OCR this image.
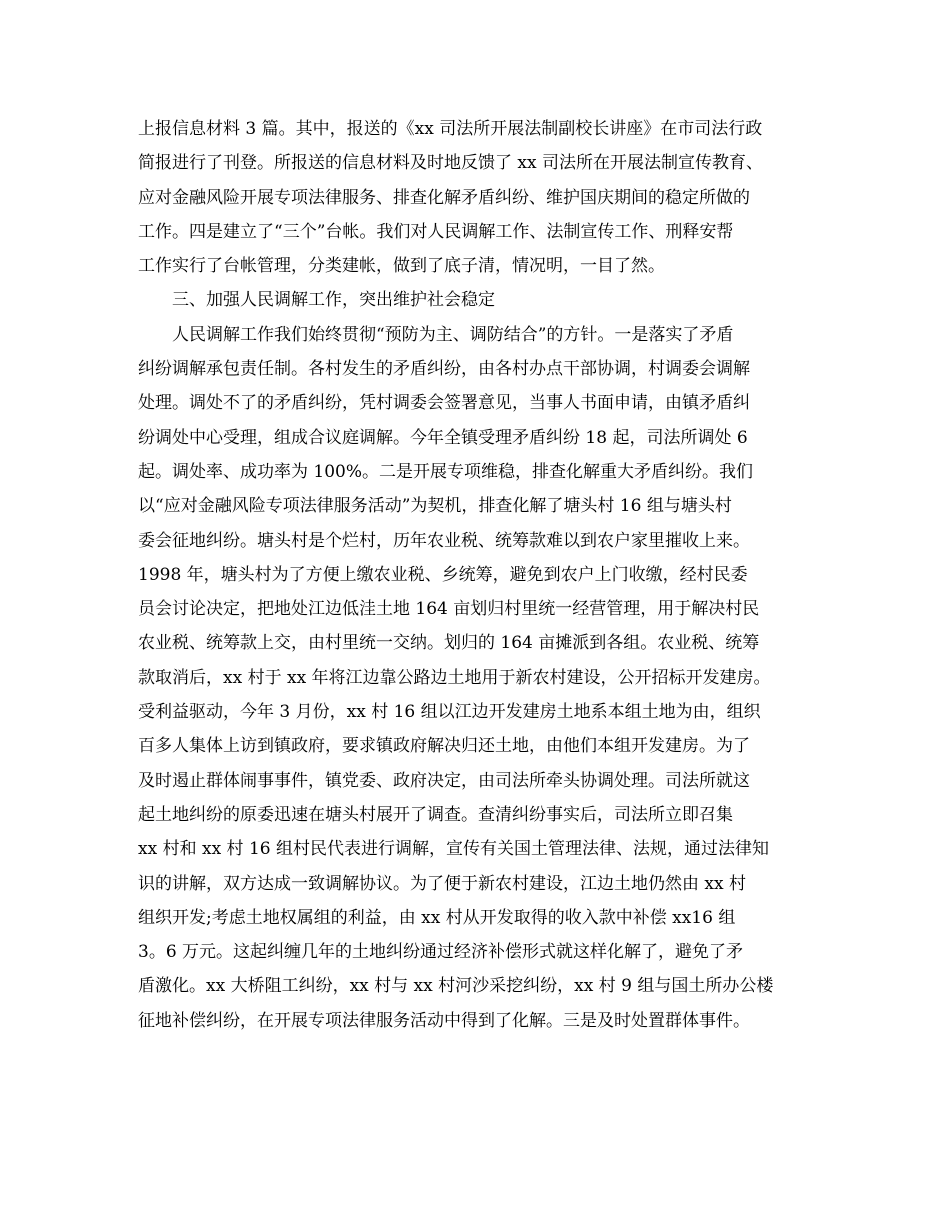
上报信息材料 3 篇。其中，报送的《xx 司法所开展法制副校长讲座》在市司法行政
简报进行了刊登。所报送的信息材料及时地反馈了 xx 司法所在开展法制宣传教育、
应对金融风险开展专项法律服务、排查化解矛盾纠纷、维护国庆期间的稳定所做的
工作。四是建立了“三个”台帐。我们对人民调解工作、法制宣传工作、刑释安帮
工作实行了台帐管理，分类建帐，做到了底子清，情况明，一目了然。
三、加强人民调解工作，突出维护社会稳定
人民调解工作我们始终贯彻“预防为主、调防结合”的方针。一是落实了矛盾
纠纷调解承包责任制。各村发生的矛盾纠纷，由各村办点干部协调，村调委会调解
处理。调处不了的矛盾纠纷，凭村调委会签署意见，当事人书面申请，由镇矛盾纠
纷调处中心受理，组成合议庭调解。今年全镇受理矛盾纠纷 18 起，司法所调处 6
起。调处率、成功率为 100%。二是开展专项维稳，排查化解重大矛盾纠纷。我们
以“应对金融风险专项法律服务活动”为契机，排查化解了塘头村 16 组与塘头村
委会征地纠纷。塘头村是个烂村，历年农业税、统筹款难以到农户家里摧收上来。
1998 年，塘头村为了方便上缴农业税、乡统筹，避免到农户上门收缴，经村民委
员会讨论决定，把地处江边低洼土地 164 亩划归村里统一经营管理，用于解决村民
农业税、统筹款上交，由村里统一交纳。划归的 164 亩摊派到各组。农业税、统筹
款取消后，xx 村于 xx 年将江边靠公路边土地用于新农村建设，公开招标开发建房。
受利益驱动，今年 3 月份，xx 村 16 组以江边开发建房土地系本组土地为由，组织
百多人集体上访到镇政府，要求镇政府解决归还土地，由他们本组开发建房。为了
及时遏止群体闹事事件，镇党委、政府决定，由司法所牵头协调处理。司法所就这
起土地纠纷的原委迅速在塘头村展开了调查。查清纠纷事实后，司法所立即召集
xx 村和 xx 村 16 组村民代表进行调解，宣传有关国土管理法律、法规，通过法律知
识的讲解，双方达成一致调解协议。为了便于新农村建设，江边土地仍然由 xx 村
组织开发;考虑土地权属组的利益，由 xx 村从开发取得的收入款中补偿 xx16 组
3。6 万元。这起纠缠几年的土地纠纷通过经济补偿形式就这样化解了，避免了矛
盾激化。xx 大桥阻工纠纷，xx 村与 xx 村河沙采挖纠纷，xx 村 9 组与国土所办公楼
征地补偿纠纷，在开展专项法律服务活动中得到了化解。三是及时处置群体事件。
